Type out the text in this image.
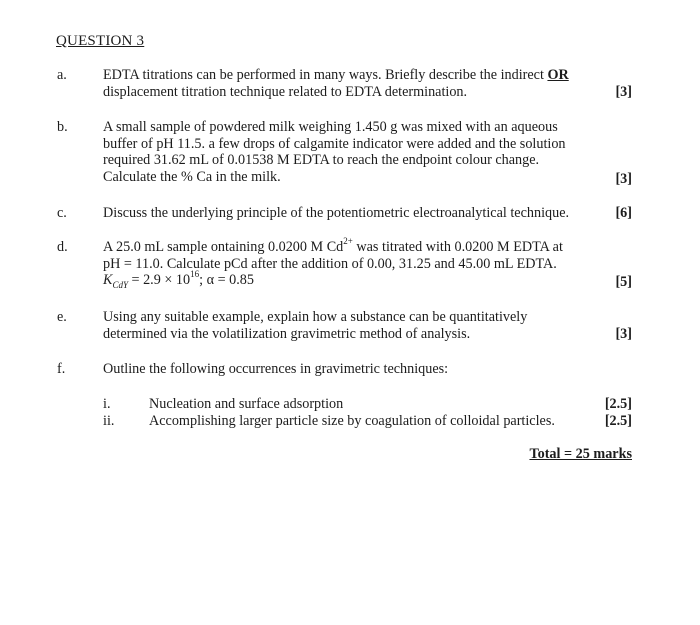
QUESTION 3
a.	EDTA titrations can be performed in many ways. Briefly describe the indirect OR
displacement titration technique related to EDTA determination.	[3]
b. A small sample of powdered milk weighing 1.450 g was mixed with an aqueous
buffer of pH 11.5. a few drops of calgamite indicator were added and the solution
required 31.62 mL of 0.01538 M EDTA to reach the endpoint colour change.
Calculate the % Ca in the milk.	[3]
c.	Discuss the underlying principle of the potentiometric electroanalytical technique.	[6]
d. A 25.0 mL sample ontaining 0.0200 M $Cd^{2+}$ was titrated with 0.0200 M EDTA at
pH = 11.0. Calculate pCd after the addition of 0.00, 31.25 and 45.00 mL EDTA.
$K_{CdY} = 2.9 \times 10^{16}$; α = 0.85	[5]
e.	Using any suitable example, explain how a substance can be quantitatively
determined via the volatilization gravimetric method of analysis.	[3]
f.	Outline the following occurrences in gravimetric techniques:
i.	Nucleation and surface adsorption	[2.5]
ii. Accomplishing larger particle size by coagulation of colloidal particles.	[2.5]
Total = 25 marks
